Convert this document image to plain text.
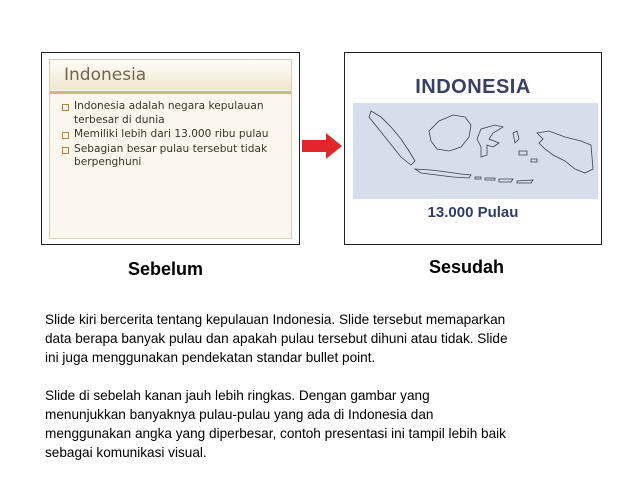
Indonesia
Indonesia adalah negara kepulauan
terbesar di dunia
Memiliki lebih dari 13.000 ribu pulau
Sebagian besar pulau tersebut tidak
berpenghuni
INDONESIA
13.000 Pulau
Sebelum	Sesudah
Slide kiri bercerita tentang kepulauan Indonesia. Slide tersebut memaparkan
data berapa banyak pulau dan apakah pulau tersebut dihuni atau tidak. Slide
ini juga menggunakan pendekatan standar bullet point.
Slide di sebelah kanan jauh lebih ringkas. Dengan gambar yang
menunjukkan banyaknya pulau-pulau yang ada di Indonesia dan
menggunakan angka yang diperbesar, contoh presentasi ini tampil lebih baik
sebagai komunikasi visual.
